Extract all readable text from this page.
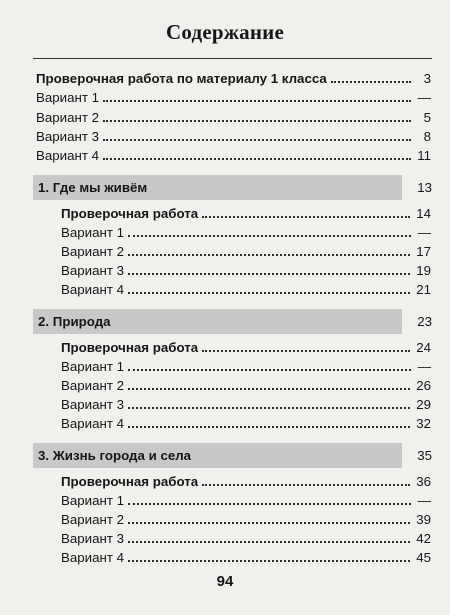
Содержание
Проверочная работа по материалу 1 класса	3
Вариант 1	—
Вариант 2	5
Вариант 3	8
Вариант 4	11
1. Где мы живём	13
Проверочная работа	14
Вариант 1	—
Вариант 2	17
Вариант 3	19
Вариант 4	21
2. Природа	23
Проверочная работа	24
Вариант 1	—
Вариант 2	26
Вариант 3	29
Вариант 4	32
3. Жизнь города и села	35
Проверочная работа	36
Вариант 1	—
Вариант 2	39
Вариант 3	42
Вариант 4	45
94
